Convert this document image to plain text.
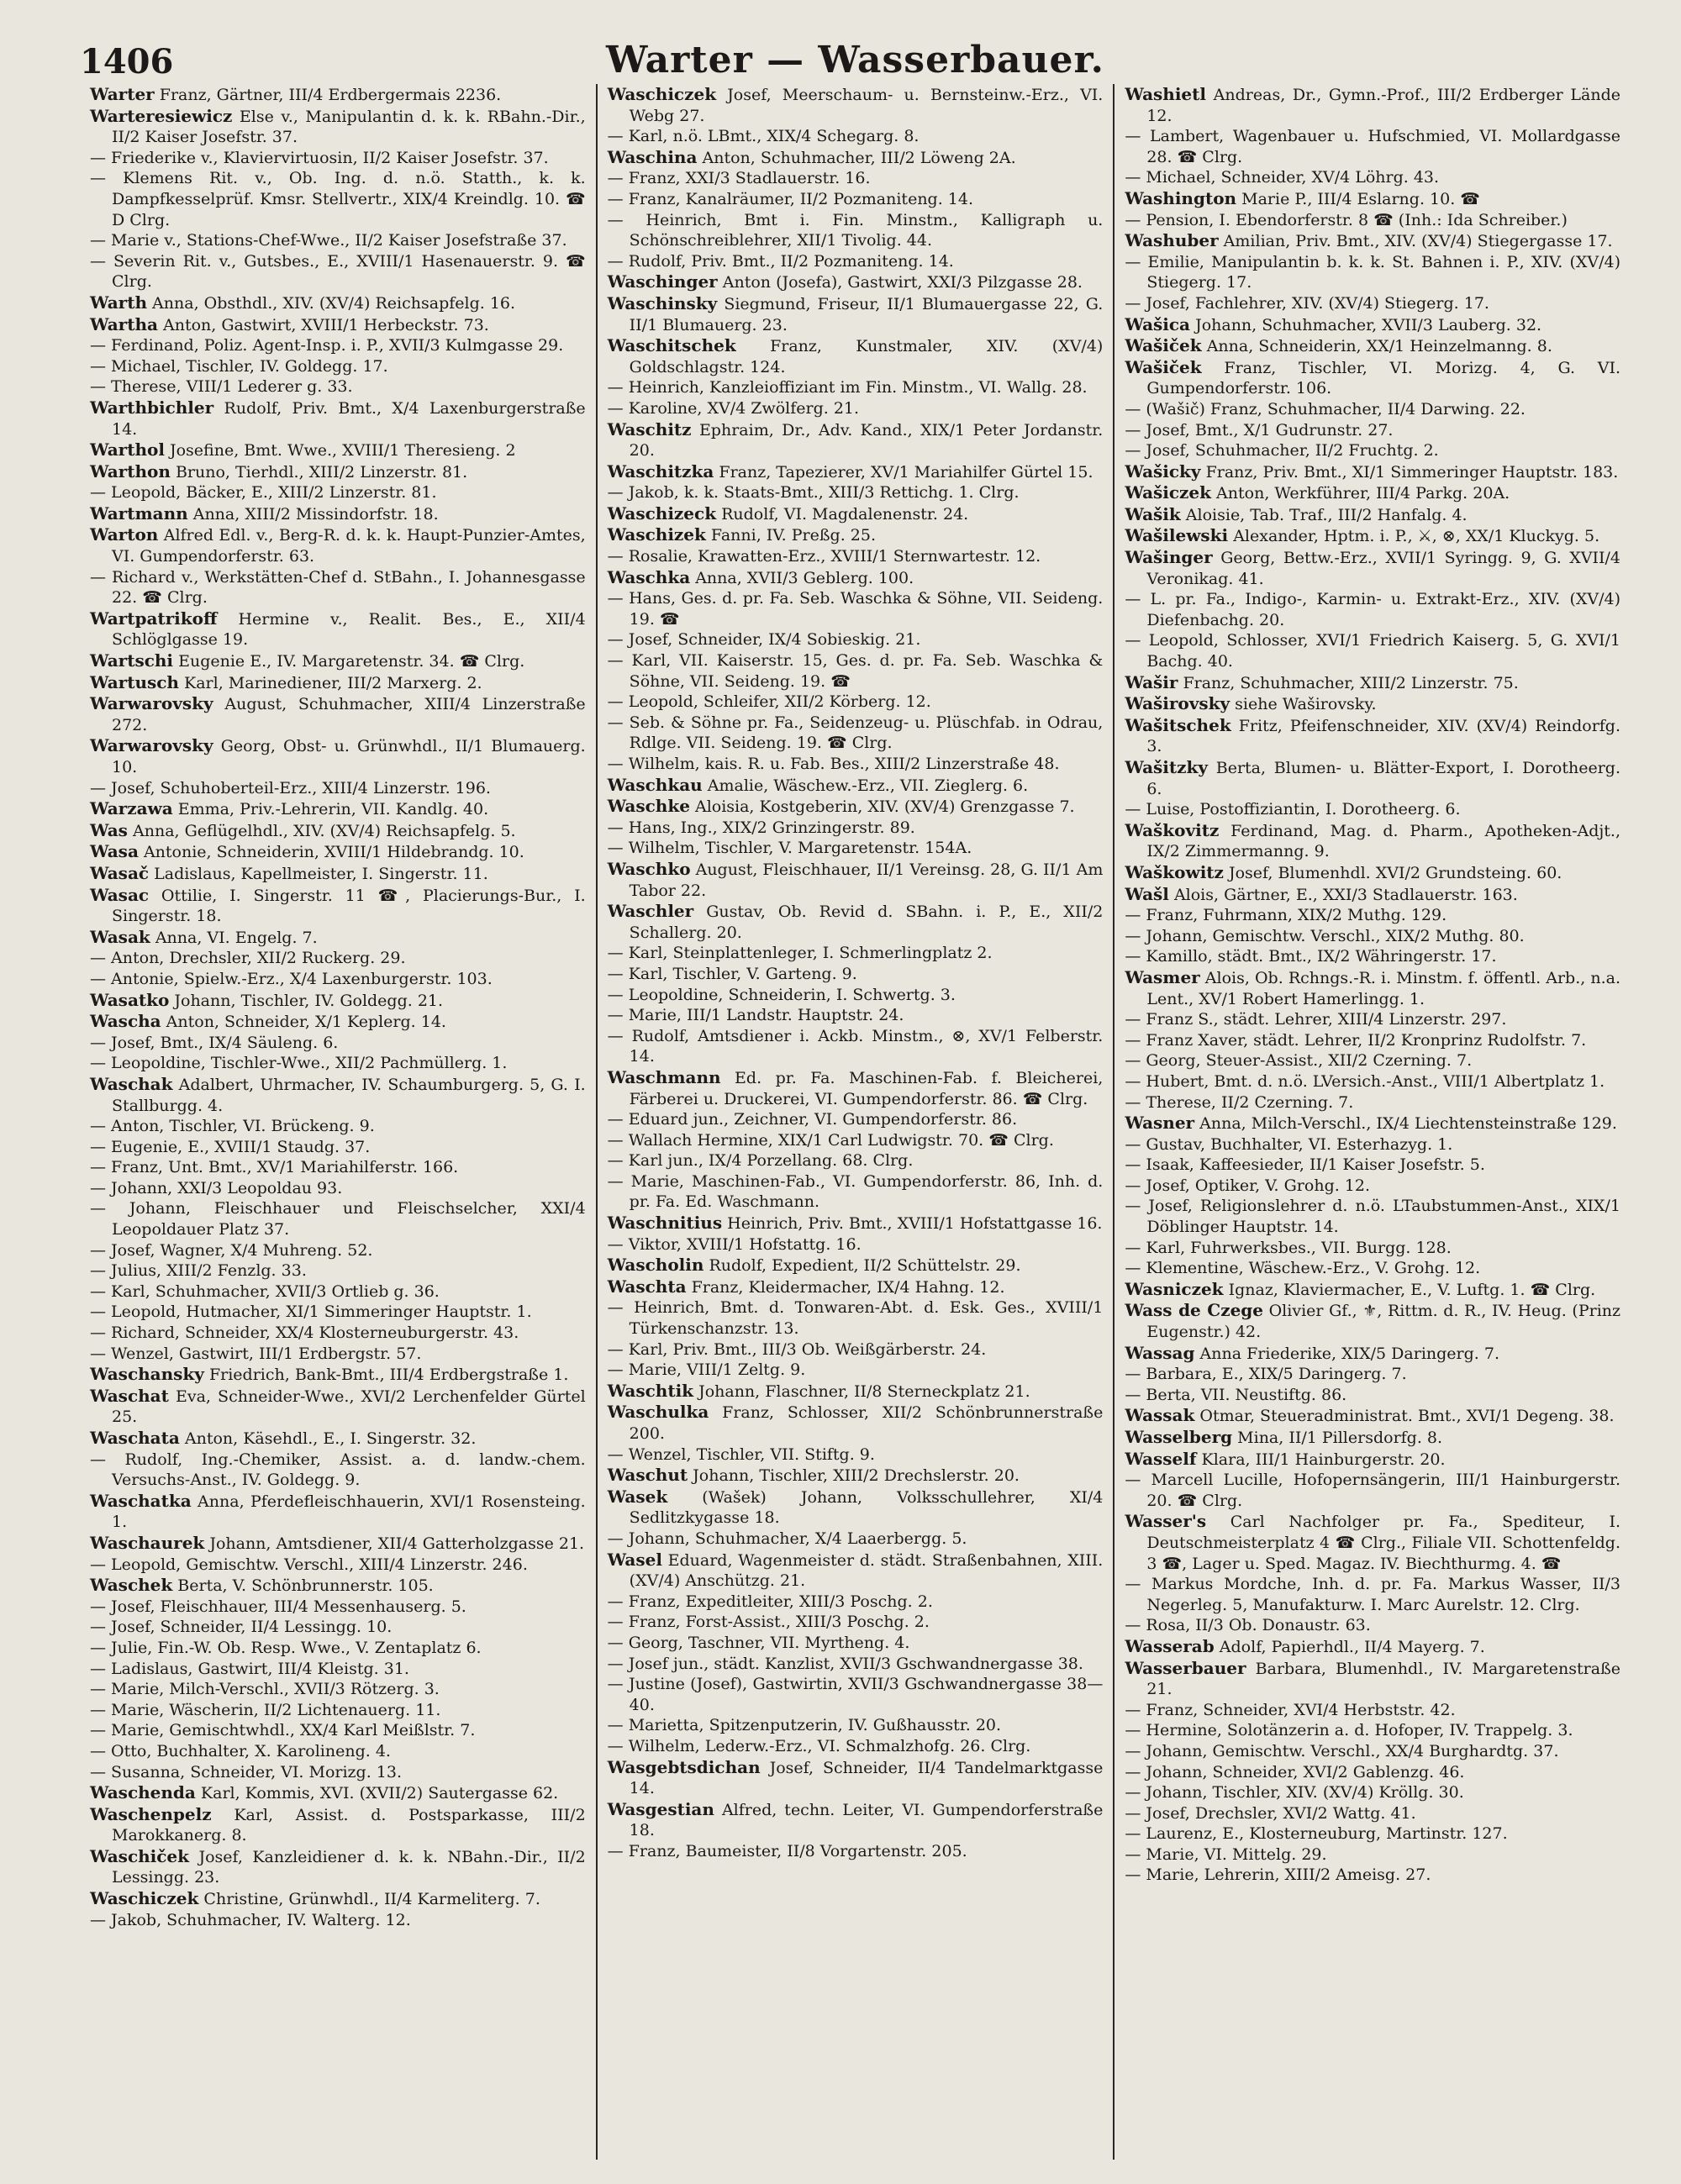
1406	Warter — Wasserbauer.

Warter Franz, Gärtner, III/4 Erdbergermais 2236.

Warteresiewicz Else v., Manipulantin d. k. k. RBahn.-Dir., II/2 Kaiser Josefstr. 37.

— Friederike v., Klaviervirtuosin, II/2 Kaiser Josefstr. 37.

— Klemens Rit. v., Ob. Ing. d. n.ö. Statth., k. k. Dampfkesselprüf. Kmsr. Stellvertr., XIX/4 Kreindlg. 10. ☎ D Clrg.

— Marie v., Stations-Chef-Wwe., II/2 Kaiser Josefstraße 37.

— Severin Rit. v., Gutsbes., E., XVIII/1 Hasenauerstr. 9. ☎ Clrg.

Warth Anna, Obsthdl., XIV. (XV/4) Reichsapfelg. 16.

Wartha Anton, Gastwirt, XVIII/1 Herbeckstr. 73.

— Ferdinand, Poliz. Agent-Insp. i. P., XVII/3 Kulmgasse 29.

— Michael, Tischler, IV. Goldegg. 17.

— Therese, VIII/1 Lederer g. 33.

Warthbichler Rudolf, Priv. Bmt., X/4 Laxenburgerstraße 14.

Warthol Josefine, Bmt. Wwe., XVIII/1 Theresieng. 2

Warthon Bruno, Tierhdl., XIII/2 Linzerstr. 81.

— Leopold, Bäcker, E., XIII/2 Linzerstr. 81.

Wartmann Anna, XIII/2 Missindorfstr. 18.

Warton Alfred Edl. v., Berg-R. d. k. k. Haupt-Punzier-Amtes, VI. Gumpendorferstr. 63.

— Richard v., Werkstätten-Chef d. StBahn., I. Johannesgasse 22. ☎ Clrg.

Wartpatrikoff Hermine v., Realit. Bes., E., XII/4 Schlöglgasse 19.

Wartschi Eugenie E., IV. Margaretenstr. 34. ☎ Clrg.

Wartusch Karl, Marinediener, III/2 Marxerg. 2.

Warwarovsky August, Schuhmacher, XIII/4 Linzerstraße 272.

Warwarovsky Georg, Obst- u. Grünwhdl., II/1 Blumauerg. 10.

— Josef, Schuhoberteil-Erz., XIII/4 Linzerstr. 196.

Warzawa Emma, Priv.-Lehrerin, VII. Kandlg. 40.

Was Anna, Geflügelhdl., XIV. (XV/4) Reichsapfelg. 5.

Wasa Antonie, Schneiderin, XVIII/1 Hildebrandg. 10.

Wasač Ladislaus, Kapellmeister, I. Singerstr. 11.

Wasac Ottilie, I. Singerstr. 11 ☎, Placierungs-Bur., I. Singerstr. 18.

Wasak Anna, VI. Engelg. 7.

— Anton, Drechsler, XII/2 Ruckerg. 29.

— Antonie, Spielw.-Erz., X/4 Laxenburgerstr. 103.

Wasatko Johann, Tischler, IV. Goldegg. 21.

Wascha Anton, Schneider, X/1 Keplerg. 14.

— Josef, Bmt., IX/4 Säuleng. 6.

— Leopoldine, Tischler-Wwe., XII/2 Pachmüllerg. 1.

Waschak Adalbert, Uhrmacher, IV. Schaumburgerg. 5, G. I. Stallburgg. 4.

— Anton, Tischler, VI. Brückeng. 9.

— Eugenie, E., XVIII/1 Staudg. 37.

— Franz, Unt. Bmt., XV/1 Mariahilferstr. 166.

— Johann, XXI/3 Leopoldau 93.

— Johann, Fleischhauer und Fleischselcher, XXI/4 Leopoldauer Platz 37.

— Josef, Wagner, X/4 Muhreng. 52.

— Julius, XIII/2 Fenzlg. 33.

— Karl, Schuhmacher, XVII/3 Ortlieb g. 36.

— Leopold, Hutmacher, XI/1 Simmeringer Hauptstr. 1.

— Richard, Schneider, XX/4 Klosterneuburgerstr. 43.

— Wenzel, Gastwirt, III/1 Erdbergstr. 57.

Waschansky Friedrich, Bank-Bmt., III/4 Erdbergstraße 1.

Waschat Eva, Schneider-Wwe., XVI/2 Lerchenfelder Gürtel 25.

Waschata Anton, Käsehdl., E., I. Singerstr. 32.

— Rudolf, Ing.-Chemiker, Assist. a. d. landw.-chem. Versuchs-Anst., IV. Goldegg. 9.

Waschatka Anna, Pferdefleischhauerin, XVI/1 Rosensteing. 1.

Waschaurek Johann, Amtsdiener, XII/4 Gatterholzgasse 21.

— Leopold, Gemischtw. Verschl., XIII/4 Linzerstr. 246.

Waschek Berta, V. Schönbrunnerstr. 105.

— Josef, Fleischhauer, III/4 Messenhauserg. 5.

— Josef, Schneider, II/4 Lessingg. 10.

— Julie, Fin.-W. Ob. Resp. Wwe., V. Zentaplatz 6.

— Ladislaus, Gastwirt, III/4 Kleistg. 31.

— Marie, Milch-Verschl., XVII/3 Rötzerg. 3.

— Marie, Wäscherin, II/2 Lichtenauerg. 11.

— Marie, Gemischtwhdl., XX/4 Karl Meißlstr. 7.

— Otto, Buchhalter, X. Karolineng. 4.

— Susanna, Schneider, VI. Morizg. 13.

Waschenda Karl, Kommis, XVI. (XVII/2) Sautergasse 62.

Waschenpelz Karl, Assist. d. Postsparkasse, III/2 Marokkanerg. 8.

Waschiček Josef, Kanzleidiener d. k. k. NBahn.-Dir., II/2 Lessingg. 23.

Waschiczek Christine, Grünwhdl., II/4 Karmeliterg. 7.

— Jakob, Schuhmacher, IV. Walterg. 12.

Waschiczek Josef, Meerschaum- u. Bernsteinw.-Erz., VI. Webg 27.

— Karl, n.ö. LBmt., XIX/4 Schegarg. 8.

Waschina Anton, Schuhmacher, III/2 Löweng 2A.

— Franz, XXI/3 Stadlauerstr. 16.

— Franz, Kanalräumer, II/2 Pozmaniteng. 14.

— Heinrich, Bmt i. Fin. Minstm., Kalligraph u. Schönschreiblehrer, XII/1 Tivolig. 44.

— Rudolf, Priv. Bmt., II/2 Pozmaniteng. 14.

Waschinger Anton (Josefa), Gastwirt, XXI/3 Pilzgasse 28.

Waschinsky Siegmund, Friseur, II/1 Blumauergasse 22, G. II/1 Blumauerg. 23.

Waschitschek Franz, Kunstmaler, XIV. (XV/4) Goldschlagstr. 124.

— Heinrich, Kanzleioffiziant im Fin. Minstm., VI. Wallg. 28.

— Karoline, XV/4 Zwölferg. 21.

Waschitz Ephraim, Dr., Adv. Kand., XIX/1 Peter Jordanstr. 20.

Waschitzka Franz, Tapezierer, XV/1 Mariahilfer Gürtel 15.

— Jakob, k. k. Staats-Bmt., XIII/3 Rettichg. 1. Clrg.

Waschizeck Rudolf, VI. Magdalenenstr. 24.

Waschizek Fanni, IV. Preßg. 25.

— Rosalie, Krawatten-Erz., XVIII/1 Sternwartestr. 12.

Waschka Anna, XVII/3 Geblerg. 100.

— Hans, Ges. d. pr. Fa. Seb. Waschka & Söhne, VII. Seideng. 19. ☎

— Josef, Schneider, IX/4 Sobieskig. 21.

— Karl, VII. Kaiserstr. 15, Ges. d. pr. Fa. Seb. Waschka & Söhne, VII. Seideng. 19. ☎

— Leopold, Schleifer, XII/2 Körberg. 12.

— Seb. & Söhne pr. Fa., Seidenzeug- u. Plüschfab. in Odrau, Rdlge. VII. Seideng. 19. ☎ Clrg.

— Wilhelm, kais. R. u. Fab. Bes., XIII/2 Linzerstraße 48.

Waschkau Amalie, Wäschew.-Erz., VII. Zieglerg. 6.

Waschke Aloisia, Kostgeberin, XIV. (XV/4) Grenzgasse 7.

— Hans, Ing., XIX/2 Grinzingerstr. 89.

— Wilhelm, Tischler, V. Margaretenstr. 154A.

Waschko August, Fleischhauer, II/1 Vereinsg. 28, G. II/1 Am Tabor 22.

Waschler Gustav, Ob. Revid d. SBahn. i. P., E., XII/2 Schallerg. 20.

— Karl, Steinplattenleger, I. Schmerlingplatz 2.

— Karl, Tischler, V. Garteng. 9.

— Leopoldine, Schneiderin, I. Schwertg. 3.

— Marie, III/1 Landstr. Hauptstr. 24.

— Rudolf, Amtsdiener i. Ackb. Minstm., ⊗, XV/1 Felberstr. 14.

Waschmann Ed. pr. Fa. Maschinen-Fab. f. Bleicherei, Färberei u. Druckerei, VI. Gumpendorferstr. 86. ☎ Clrg.

— Eduard jun., Zeichner, VI. Gumpendorferstr. 86.

— Wallach Hermine, XIX/1 Carl Ludwigstr. 70. ☎ Clrg.

— Karl jun., IX/4 Porzellang. 68. Clrg.

— Marie, Maschinen-Fab., VI. Gumpendorferstr. 86, Inh. d. pr. Fa. Ed. Waschmann.

Waschnitius Heinrich, Priv. Bmt., XVIII/1 Hofstattgasse 16.

— Viktor, XVIII/1 Hofstattg. 16.

Wascholin Rudolf, Expedient, II/2 Schüttelstr. 29.

Waschta Franz, Kleidermacher, IX/4 Hahng. 12.

— Heinrich, Bmt. d. Tonwaren-Abt. d. Esk. Ges., XVIII/1 Türkenschanzstr. 13.

— Karl, Priv. Bmt., III/3 Ob. Weißgärberstr. 24.

— Marie, VIII/1 Zeltg. 9.

Waschtik Johann, Flaschner, II/8 Sterneckplatz 21.

Waschulka Franz, Schlosser, XII/2 Schönbrunnerstraße 200.

— Wenzel, Tischler, VII. Stiftg. 9.

Waschut Johann, Tischler, XIII/2 Drechslerstr. 20.

Wasek (Wašek) Johann, Volksschullehrer, XI/4 Sedlitzkygasse 18.

— Johann, Schuhmacher, X/4 Laaerbergg. 5.

Wasel Eduard, Wagenmeister d. städt. Straßenbahnen, XIII. (XV/4) Anschützg. 21.

— Franz, Expeditleiter, XIII/3 Poschg. 2.

— Franz, Forst-Assist., XIII/3 Poschg. 2.

— Georg, Taschner, VII. Myrtheng. 4.

— Josef jun., städt. Kanzlist, XVII/3 Gschwandnergasse 38.

— Justine (Josef), Gastwirtin, XVII/3 Gschwandnergasse 38—40.

— Marietta, Spitzenputzerin, IV. Gußhausstr. 20.

— Wilhelm, Lederw.-Erz., VI. Schmalzhofg. 26. Clrg.

Wasgebtsdichan Josef, Schneider, II/4 Tandelmarktgasse 14.

Wasgestian Alfred, techn. Leiter, VI. Gumpendorferstraße 18.

— Franz, Baumeister, II/8 Vorgartenstr. 205.

Washietl Andreas, Dr., Gymn.-Prof., III/2 Erdberger Lände 12.

— Lambert, Wagenbauer u. Hufschmied, VI. Mollardgasse 28. ☎ Clrg.

— Michael, Schneider, XV/4 Löhrg. 43.

Washington Marie P., III/4 Eslarng. 10. ☎

— Pension, I. Ebendorferstr. 8 ☎ (Inh.: Ida Schreiber.)

Washuber Amilian, Priv. Bmt., XIV. (XV/4) Stiegergasse 17.

— Emilie, Manipulantin b. k. k. St. Bahnen i. P., XIV. (XV/4) Stiegerg. 17.

— Josef, Fachlehrer, XIV. (XV/4) Stiegerg. 17.

Wašica Johann, Schuhmacher, XVII/3 Lauberg. 32.

Wašiček Anna, Schneiderin, XX/1 Heinzelmanng. 8.

Wašiček Franz, Tischler, VI. Morizg. 4, G. VI. Gumpendorferstr. 106.

— (Wašič) Franz, Schuhmacher, II/4 Darwing. 22.

— Josef, Bmt., X/1 Gudrunstr. 27.

— Josef, Schuhmacher, II/2 Fruchtg. 2.

Wašicky Franz, Priv. Bmt., XI/1 Simmeringer Hauptstr. 183.

Wašiczek Anton, Werkführer, III/4 Parkg. 20A.

Wašik Aloisie, Tab. Traf., III/2 Hanfalg. 4.

Wašilewski Alexander, Hptm. i. P., ⚔, ⊗, XX/1 Kluckyg. 5.

Wašinger Georg, Bettw.-Erz., XVII/1 Syringg. 9, G. XVII/4 Veronikag. 41.

— L. pr. Fa., Indigo-, Karmin- u. Extrakt-Erz., XIV. (XV/4) Diefenbachg. 20.

— Leopold, Schlosser, XVI/1 Friedrich Kaiserg. 5, G. XVI/1 Bachg. 40.

Wašir Franz, Schuhmacher, XIII/2 Linzerstr. 75.

Waširovsky siehe Waširovsky.

Wašitschek Fritz, Pfeifenschneider, XIV. (XV/4) Reindorfg. 3.

Wašitzky Berta, Blumen- u. Blätter-Export, I. Dorotheerg. 6.

— Luise, Postoffiziantin, I. Dorotheerg. 6.

Waškovitz Ferdinand, Mag. d. Pharm., Apotheken-Adjt., IX/2 Zimmermanng. 9.

Waškowitz Josef, Blumenhdl. XVI/2 Grundsteing. 60.

Wašl Alois, Gärtner, E., XXI/3 Stadlauerstr. 163.

— Franz, Fuhrmann, XIX/2 Muthg. 129.

— Johann, Gemischtw. Verschl., XIX/2 Muthg. 80.

— Kamillo, städt. Bmt., IX/2 Währingerstr. 17.

Wasmer Alois, Ob. Rchngs.-R. i. Minstm. f. öffentl. Arb., n.a. Lent., XV/1 Robert Hamerlingg. 1.

— Franz S., städt. Lehrer, XIII/4 Linzerstr. 297.

— Franz Xaver, städt. Lehrer, II/2 Kronprinz Rudolfstr. 7.

— Georg, Steuer-Assist., XII/2 Czerning. 7.

— Hubert, Bmt. d. n.ö. LVersich.-Anst., VIII/1 Albertplatz 1.

— Therese, II/2 Czerning. 7.

Wasner Anna, Milch-Verschl., IX/4 Liechtensteinstraße 129.

— Gustav, Buchhalter, VI. Esterhazyg. 1.

— Isaak, Kaffeesieder, II/1 Kaiser Josefstr. 5.

— Josef, Optiker, V. Grohg. 12.

— Josef, Religionslehrer d. n.ö. LTaubstummen-Anst., XIX/1 Döblinger Hauptstr. 14.

— Karl, Fuhrwerksbes., VII. Burgg. 128.

— Klementine, Wäschew.-Erz., V. Grohg. 12.

Wasniczek Ignaz, Klaviermacher, E., V. Luftg. 1. ☎ Clrg.

Wass de Czege Olivier Gf., ⚜, Rittm. d. R., IV. Heug. (Prinz Eugenstr.) 42.

Wassag Anna Friederike, XIX/5 Daringerg. 7.

— Barbara, E., XIX/5 Daringerg. 7.

— Berta, VII. Neustiftg. 86.

Wassak Otmar, Steueradministrat. Bmt., XVI/1 Degeng. 38.

Wasselberg Mina, II/1 Pillersdorfg. 8.

Wasself Klara, III/1 Hainburgerstr. 20.

— Marcell Lucille, Hofopernsängerin, III/1 Hainburgerstr. 20. ☎ Clrg.

Wasser's Carl Nachfolger pr. Fa., Spediteur, I. Deutschmeisterplatz 4 ☎ Clrg., Filiale VII. Schottenfeldg. 3 ☎, Lager u. Sped. Magaz. IV. Biechthurmg. 4. ☎

— Markus Mordche, Inh. d. pr. Fa. Markus Wasser, II/3 Negerleg. 5, Manufakturw. I. Marc Aurelstr. 12. Clrg.

— Rosa, II/3 Ob. Donaustr. 63.

Wasserab Adolf, Papierhdl., II/4 Mayerg. 7.

Wasserbauer Barbara, Blumenhdl., IV. Margaretenstraße 21.

— Franz, Schneider, XVI/4 Herbststr. 42.

— Hermine, Solotänzerin a. d. Hofoper, IV. Trappelg. 3.

— Johann, Gemischtw. Verschl., XX/4 Burghardtg. 37.

— Johann, Schneider, XVI/2 Gablenzg. 46.

— Johann, Tischler, XIV. (XV/4) Kröllg. 30.

— Josef, Drechsler, XVI/2 Wattg. 41.

— Laurenz, E., Klosterneuburg, Martinstr. 127.

— Marie, VI. Mittelg. 29.

— Marie, Lehrerin, XIII/2 Ameisg. 27.
